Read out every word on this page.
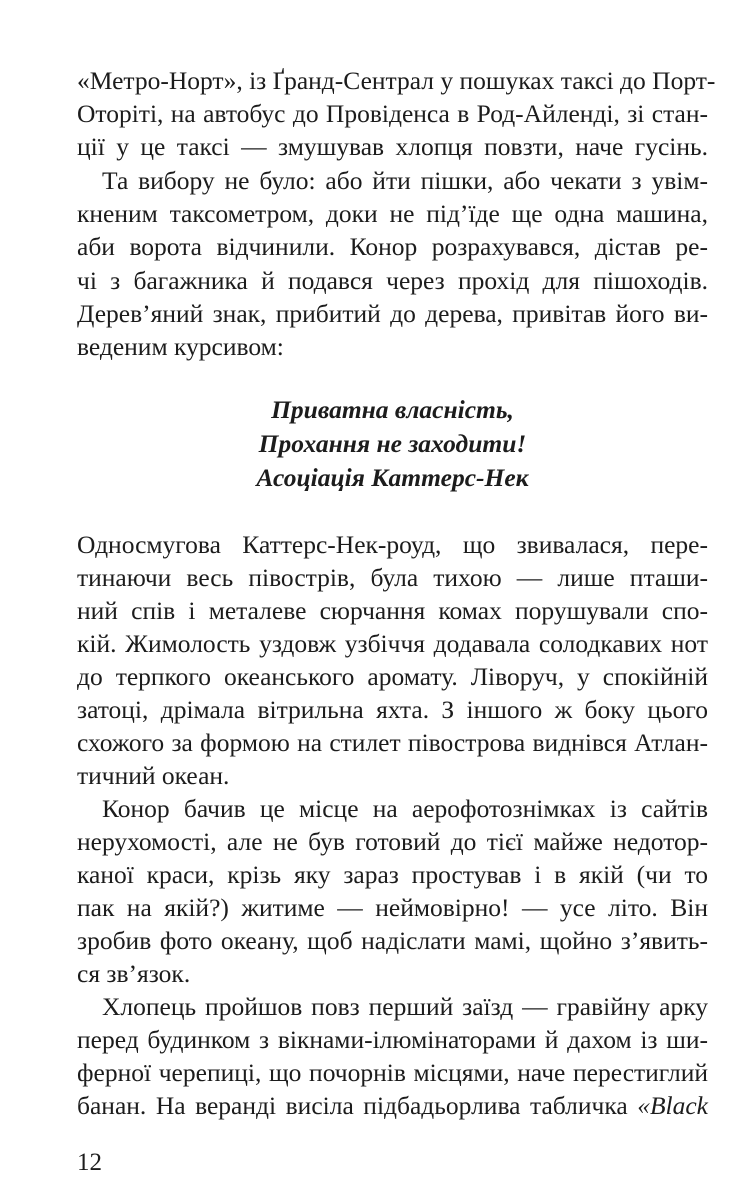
«Метро-Норт», із Ґранд-Сентрал у пошуках таксі до Порт-
Оторіті, на автобус до Провіденса в Род-Айленді, зі стан-
ції у це таксі — змушував хлопця повзти, наче гусінь.
Та вибору не було: або йти пішки, або чекати з увім-
кненим таксометром, доки не під’їде ще одна машина,
аби ворота відчинили. Конор розрахувався, дістав ре-
чі з багажника й подався через прохід для пішоходів.
Дерев’яний знак, прибитий до дерева, привітав його ви-
веденим курсивом:
Приватна власність,
Прохання не заходити!
Асоціація Каттерс-Нек
Односмугова Каттерс-Нек-роуд, що звивалася, пере-
тинаючи весь півострів, була тихою — лише пташи-
ний спів і металеве сюрчання комах порушували спо-
кій. Жимолость уздовж узбіччя додавала солодкавих нот
до терпкого океанського аромату. Ліворуч, у спокійній
затоці, дрімала вітрильна яхта. З іншого ж боку цього
схожого за формою на стилет півострова виднівся Атлан-
тичний океан.
Конор бачив це місце на аерофотознімках із сайтів
нерухомості, але не був готовий до тієї майже недотор-
каної краси, крізь яку зараз простував і в якій (чи то
пак на якій?) житиме — неймовірно! — усе літо. Він
зробив фото океану, щоб надіслати мамі, щойно з’явить-
ся зв’язок.
Хлопець пройшов повз перший заїзд — гравійну арку
перед будинком з вікнами-ілюмінаторами й дахом із ши-
ферної черепиці, що почорнів місцями, наче перестиглий
банан. На веранді висіла підбадьорлива табличка «Black
12
